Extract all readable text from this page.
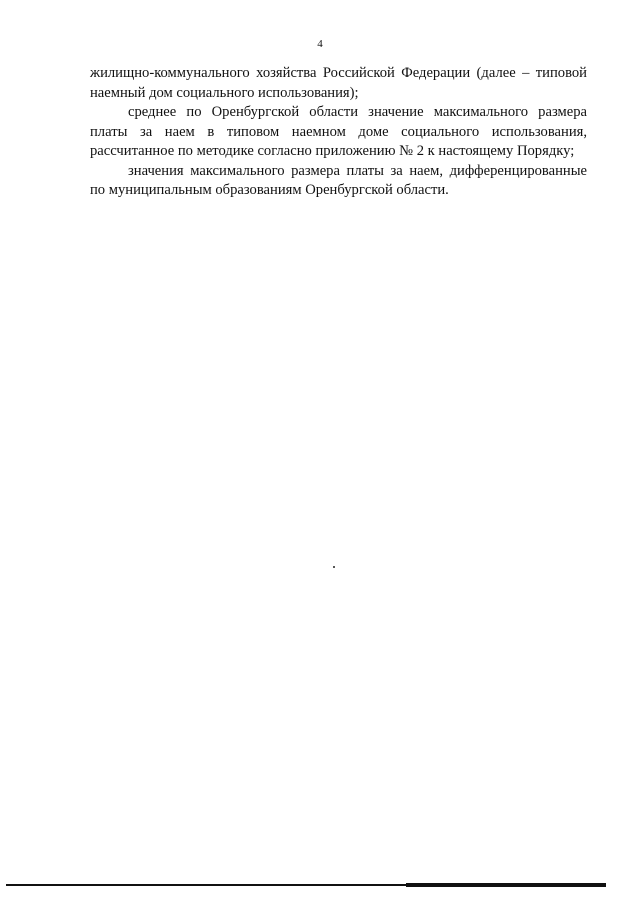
4

жилищно-коммунального хозяйства Российской Федерации (далее – типовой наемный дом социального использования);

среднее по Оренбургской области значение максимального размера платы за наем в типовом наемном доме социального использования, рассчитанное по методике согласно приложению № 2 к настоящему Порядку;

значения максимального размера платы за наем, дифференцированные по муниципальным образованиям Оренбургской области.
